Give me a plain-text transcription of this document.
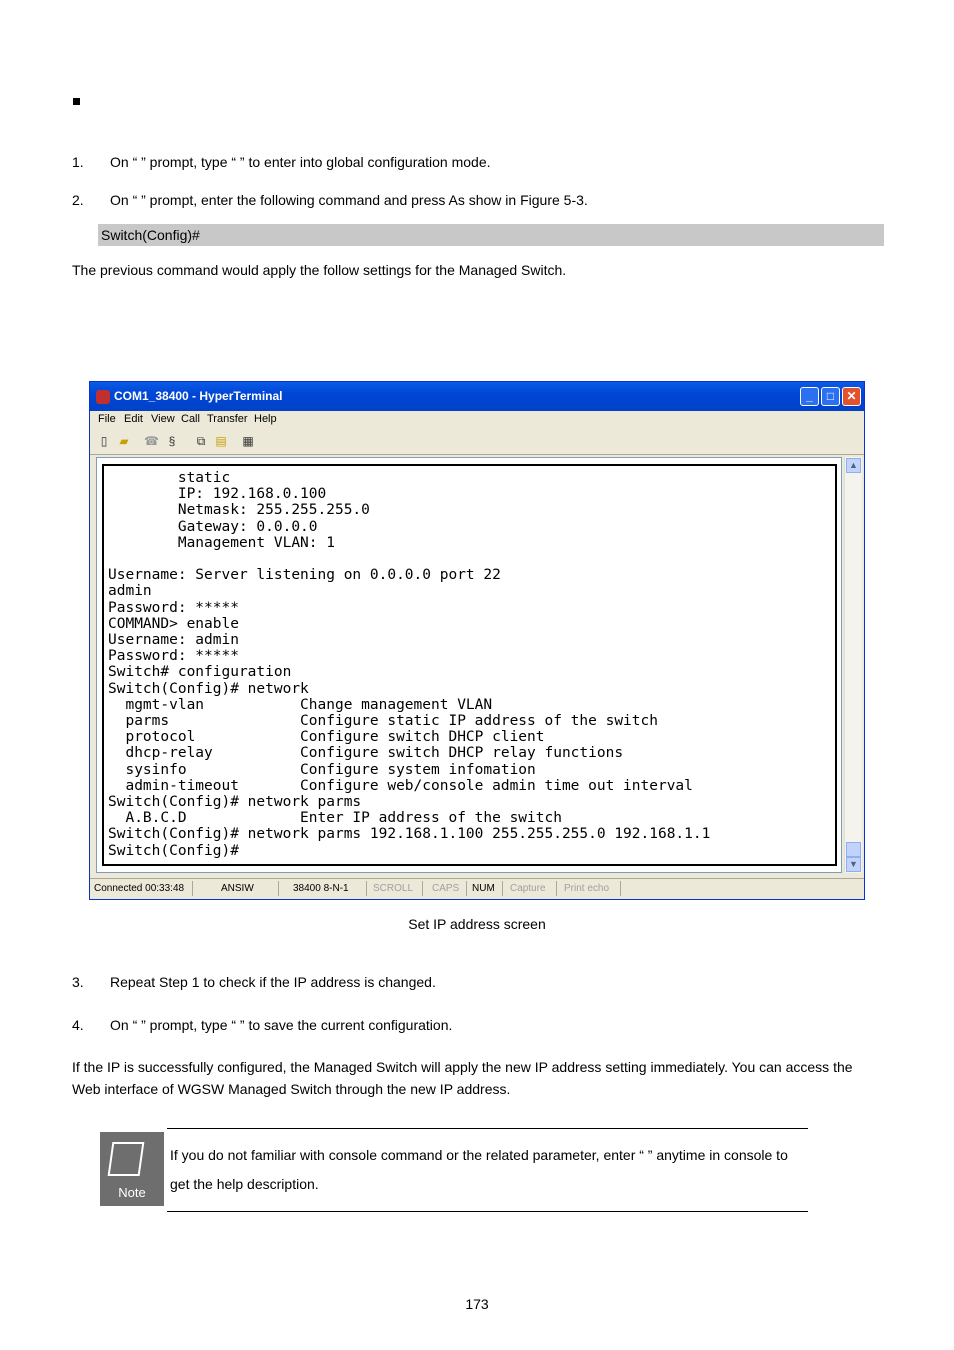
1. On “ ” prompt, type “ ” to enter into global configuration mode.
2. On “ ” prompt, enter the following command and press As show in Figure 5-3.
Switch(Config)#
The previous command would apply the follow settings for the Managed Switch.
COM1_38400 - HyperTerminal	_	□	✕
File Edit View Call Transfer Help
▯	▰ ☎ §	⧉ ▤ ▦
static
IP: 192.168.0.100
Netmask: 255.255.255.0
Gateway: 0.0.0.0
Management VLAN: 1

Username: Server listening on 0.0.0.0 port 22
admin
Password: *****
COMMAND> enable
Username: admin
Password: *****
Switch# configuration
Switch(Config)# network
mgmt-vlan           Change management VLAN
parms               Configure static IP address of the switch
protocol            Configure switch DHCP client
dhcp-relay          Configure switch DHCP relay functions
sysinfo             Configure system infomation
admin-timeout       Configure web/console admin time out interval
Switch(Config)# network parms
A.B.C.D             Enter IP address of the switch
Switch(Config)# network parms 192.168.1.100 255.255.255.0 192.168.1.1
Switch(Config)#
▲
▼
Connected 00:33:48	ANSIW	38400 8-N-1 SCROLL CAPS NUM Capture Print echo
Set IP address screen
3. Repeat Step 1 to check if the IP address is changed.
4. On “ ” prompt, type “ ” to save the current configuration.
If the IP is successfully configured, the Managed Switch will apply the new IP address setting immediately. You can access the
Web interface of WGSW Managed Switch through the new IP address.
Note
If you do not familiar with console command or the related parameter, enter “ ” anytime in console to
get the help description.
173
